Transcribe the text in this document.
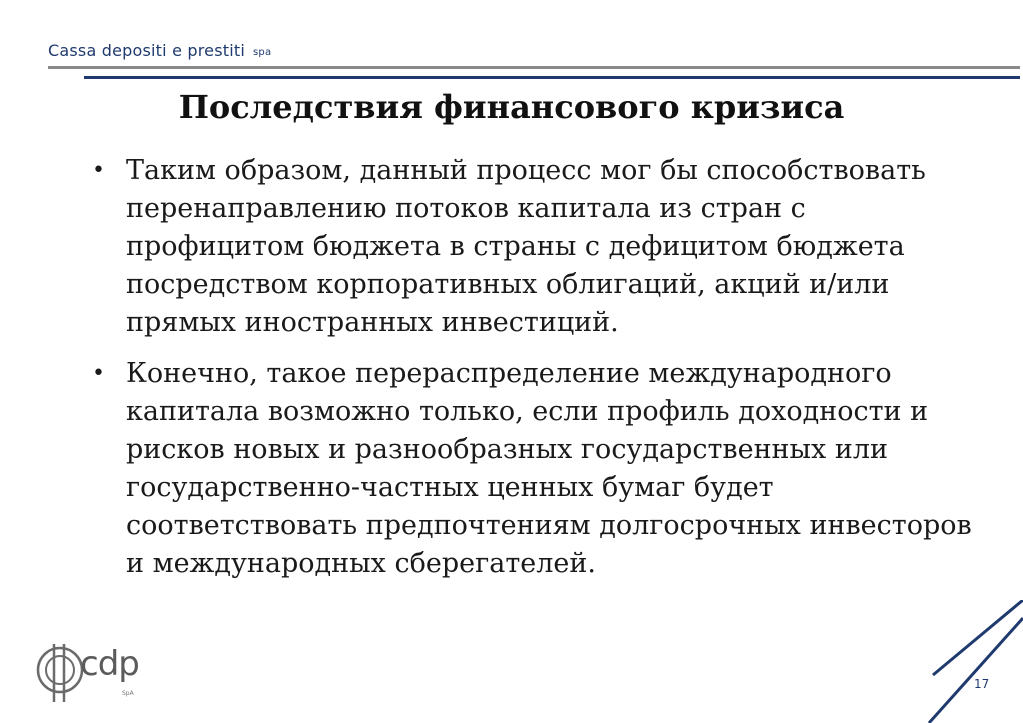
Cassa depositi e prestiti spa
Последствия финансового кризиса
• Таким образом, данный процесс мог бы способствовать перенаправлению потоков капитала из стран с профицитом бюджета в страны с дефицитом бюджета посредством корпоративных облигаций, акций и/или прямых иностранных инвестиций.
• Конечно, такое перераспределение международного капитала возможно только, если профиль доходности и рисков новых и разнообразных государственных или государственно-частных ценных бумаг будет соответствовать предпочтениям долгосрочных инвесторов и международных сберегателей.
cdp
SpA
17
